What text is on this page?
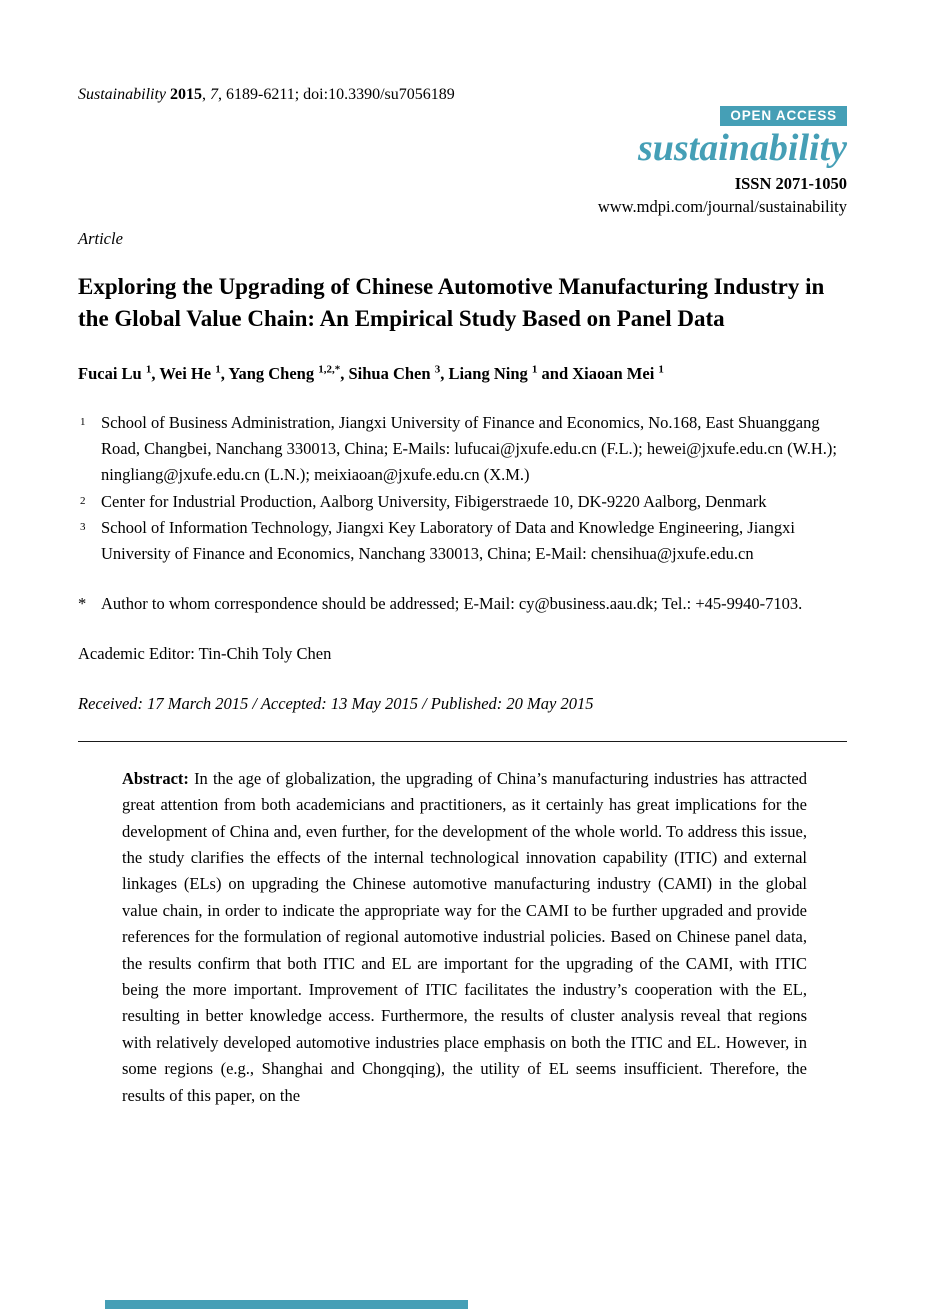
Sustainability 2015, 7, 6189-6211; doi:10.3390/su7056189
OPEN ACCESS
sustainability
ISSN 2071-1050
www.mdpi.com/journal/sustainability
Article
Exploring the Upgrading of Chinese Automotive Manufacturing Industry in the Global Value Chain: An Empirical Study Based on Panel Data
Fucai Lu $^1$, Wei He $^1$, Yang Cheng $^{1,2,*}$, Sihua Chen $^3$, Liang Ning $^1$ and Xiaoan Mei $^1$
1 School of Business Administration, Jiangxi University of Finance and Economics, No.168, East Shuanggang Road, Changbei, Nanchang 330013, China; E-Mails: lufucai@jxufe.edu.cn (F.L.); hewei@jxufe.edu.cn (W.H.); ningliang@jxufe.edu.cn (L.N.); meixiaoan@jxufe.edu.cn (X.M.)
2 Center for Industrial Production, Aalborg University, Fibigerstraede 10, DK-9220 Aalborg, Denmark
3 School of Information Technology, Jiangxi Key Laboratory of Data and Knowledge Engineering, Jiangxi University of Finance and Economics, Nanchang 330013, China; E-Mail: chensihua@jxufe.edu.cn
* Author to whom correspondence should be addressed; E-Mail: cy@business.aau.dk; Tel.: +45-9940-7103.
Academic Editor: Tin-Chih Toly Chen
Received: 17 March 2015 / Accepted: 13 May 2015 / Published: 20 May 2015

Abstract: In the age of globalization, the upgrading of China’s manufacturing industries has attracted great attention from both academicians and practitioners, as it certainly has great implications for the development of China and, even further, for the development of the whole world. To address this issue, the study clarifies the effects of the internal technological innovation capability (ITIC) and external linkages (ELs) on upgrading the Chinese automotive manufacturing industry (CAMI) in the global value chain, in order to indicate the appropriate way for the CAMI to be further upgraded and provide references for the formulation of regional automotive industrial policies. Based on Chinese panel data, the results confirm that both ITIC and EL are important for the upgrading of the CAMI, with ITIC being the more important. Improvement of ITIC facilitates the industry’s cooperation with the EL, resulting in better knowledge access. Furthermore, the results of cluster analysis reveal that regions with relatively developed automotive industries place emphasis on both the ITIC and EL. However, in some regions (e.g., Shanghai and Chongqing), the utility of EL seems insufficient. Therefore, the results of this paper, on the
